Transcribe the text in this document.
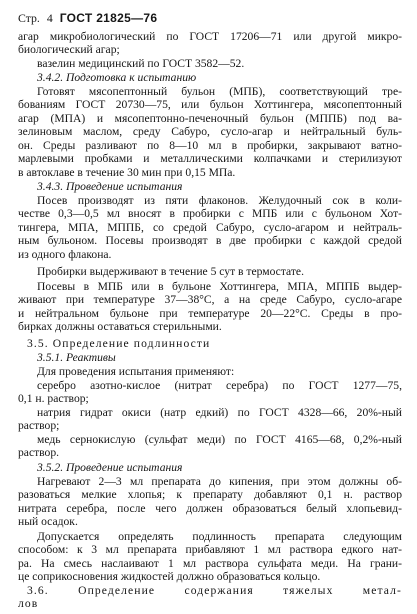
Стр. 4 ГОСТ 21825—76
агар микробиологический по ГОСТ 17206—71 или другой микро-
биологический агар;
вазелин медицинский по ГОСТ 3582—52.
3.4.2. Подготовка к испытанию
Готовят мясопептонный бульон (МПБ), соответствующий тре-
бованиям ГОСТ 20730—75, или бульон Хоттингера, мясопептонный
агар (МПА) и мясопептонно-печеночный бульон (МППБ) под ва-
зелиновым маслом, среду Сабуро, сусло-агар и нейтральный буль-
он. Среды разливают по 8—10 мл в пробирки, закрывают ватно-
марлевыми пробками и металлическими колпачками и стерилизуют
в автоклаве в течение 30 мин при 0,15 МПа.
3.4.3. Проведение испытания
Посев производят из пяти флаконов. Желудочный сок в коли-
честве 0,3—0,5 мл вносят в пробирки с МПБ или с бульоном Хот-
тингера, МПА, МППБ, со средой Сабуро, сусло-агаром и нейтраль-
ным бульоном. Посевы производят в две пробирки с каждой средой
из одного флакона.
Пробирки выдерживают в течение 5 сут в термостате.
Посевы в МПБ или в бульоне Хоттингера, МПА, МППБ выдер-
живают при температуре 37—38°С, а на среде Сабуро, сусло-агаре
и нейтральном бульоне при температуре 20—22°С. Среды в про-
бирках должны оставаться стерильными.
3.5. Определение подлинности
3.5.1. Реактивы
Для проведения испытания применяют:
серебро азотно-кислое (нитрат серебра) по ГОСТ 1277—75,
0,1 н. раствор;
натрия гидрат окиси (натр едкий) по ГОСТ 4328—66, 20%-ный
раствор;
медь сернокислую (сульфат меди) по ГОСТ 4165—68, 0,2%-ный
раствор.
3.5.2. Проведение испытания
Нагревают 2—3 мл препарата до кипения, при этом должны об-
разоваться мелкие хлопья; к препарату добавляют 0,1 н. раствор
нитрата серебра, после чего должен образоваться белый хлопьевид-
ный осадок.
Допускается определять подлинность препарата следующим
способом: к 3 мл препарата прибавляют 1 мл раствора едкого нат-
ра. На смесь наслаивают 1 мл раствора сульфата меди. На грани-
це соприкосновения жидкостей должно образоваться кольцо.
3.6. Определение содержания тяжелых метал-
лов
